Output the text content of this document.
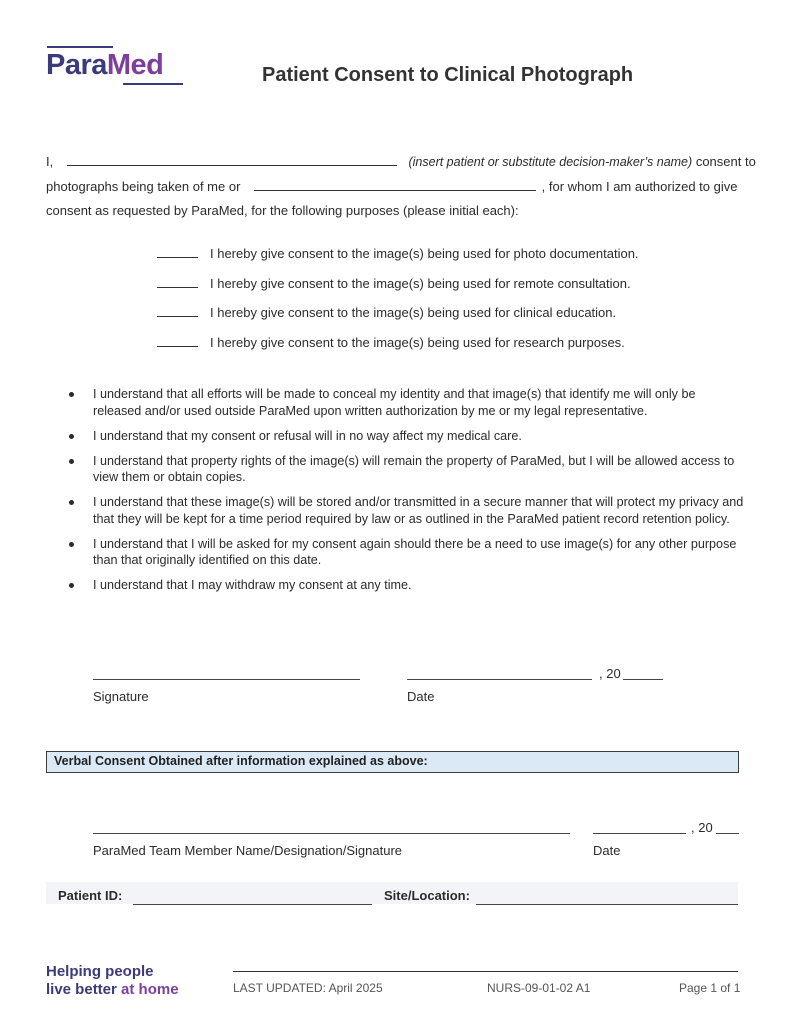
ParaMed	Patient Consent to Clinical Photograph
I,	(insert patient or substitute decision-maker’s name) consent to
photographs being taken of me or	, for whom I am authorized to give
consent as requested by ParaMed, for the following purposes (please initial each):
I hereby give consent to the image(s) being used for photo documentation.
I hereby give consent to the image(s) being used for remote consultation.
I hereby give consent to the image(s) being used for clinical education.
I hereby give consent to the image(s) being used for research purposes.
I understand that all efforts will be made to conceal my identity and that image(s) that identify me will only be released and/or used outside ParaMed upon written authorization by me or my legal representative.
I understand that my consent or refusal will in no way affect my medical care.
I understand that property rights of the image(s) will remain the property of ParaMed, but I will be allowed access to view them or obtain copies.
I understand that these image(s) will be stored and/or transmitted in a secure manner that will protect my privacy and that they will be kept for a time period required by law or as outlined in the ParaMed patient record retention policy.
I understand that I will be asked for my consent again should there be a need to use image(s) for any other purpose than that originally identified on this date.
I understand that I may withdraw my consent at any time.
, 20
Signature	Date
Verbal Consent Obtained after information explained as above:
, 20
ParaMed Team Member Name/Designation/Signature	Date
Patient ID:	Site/Location:
Helping people
live better at home	LAST UPDATED: April 2025	NURS-09-01-02 A1	Page 1 of 1
